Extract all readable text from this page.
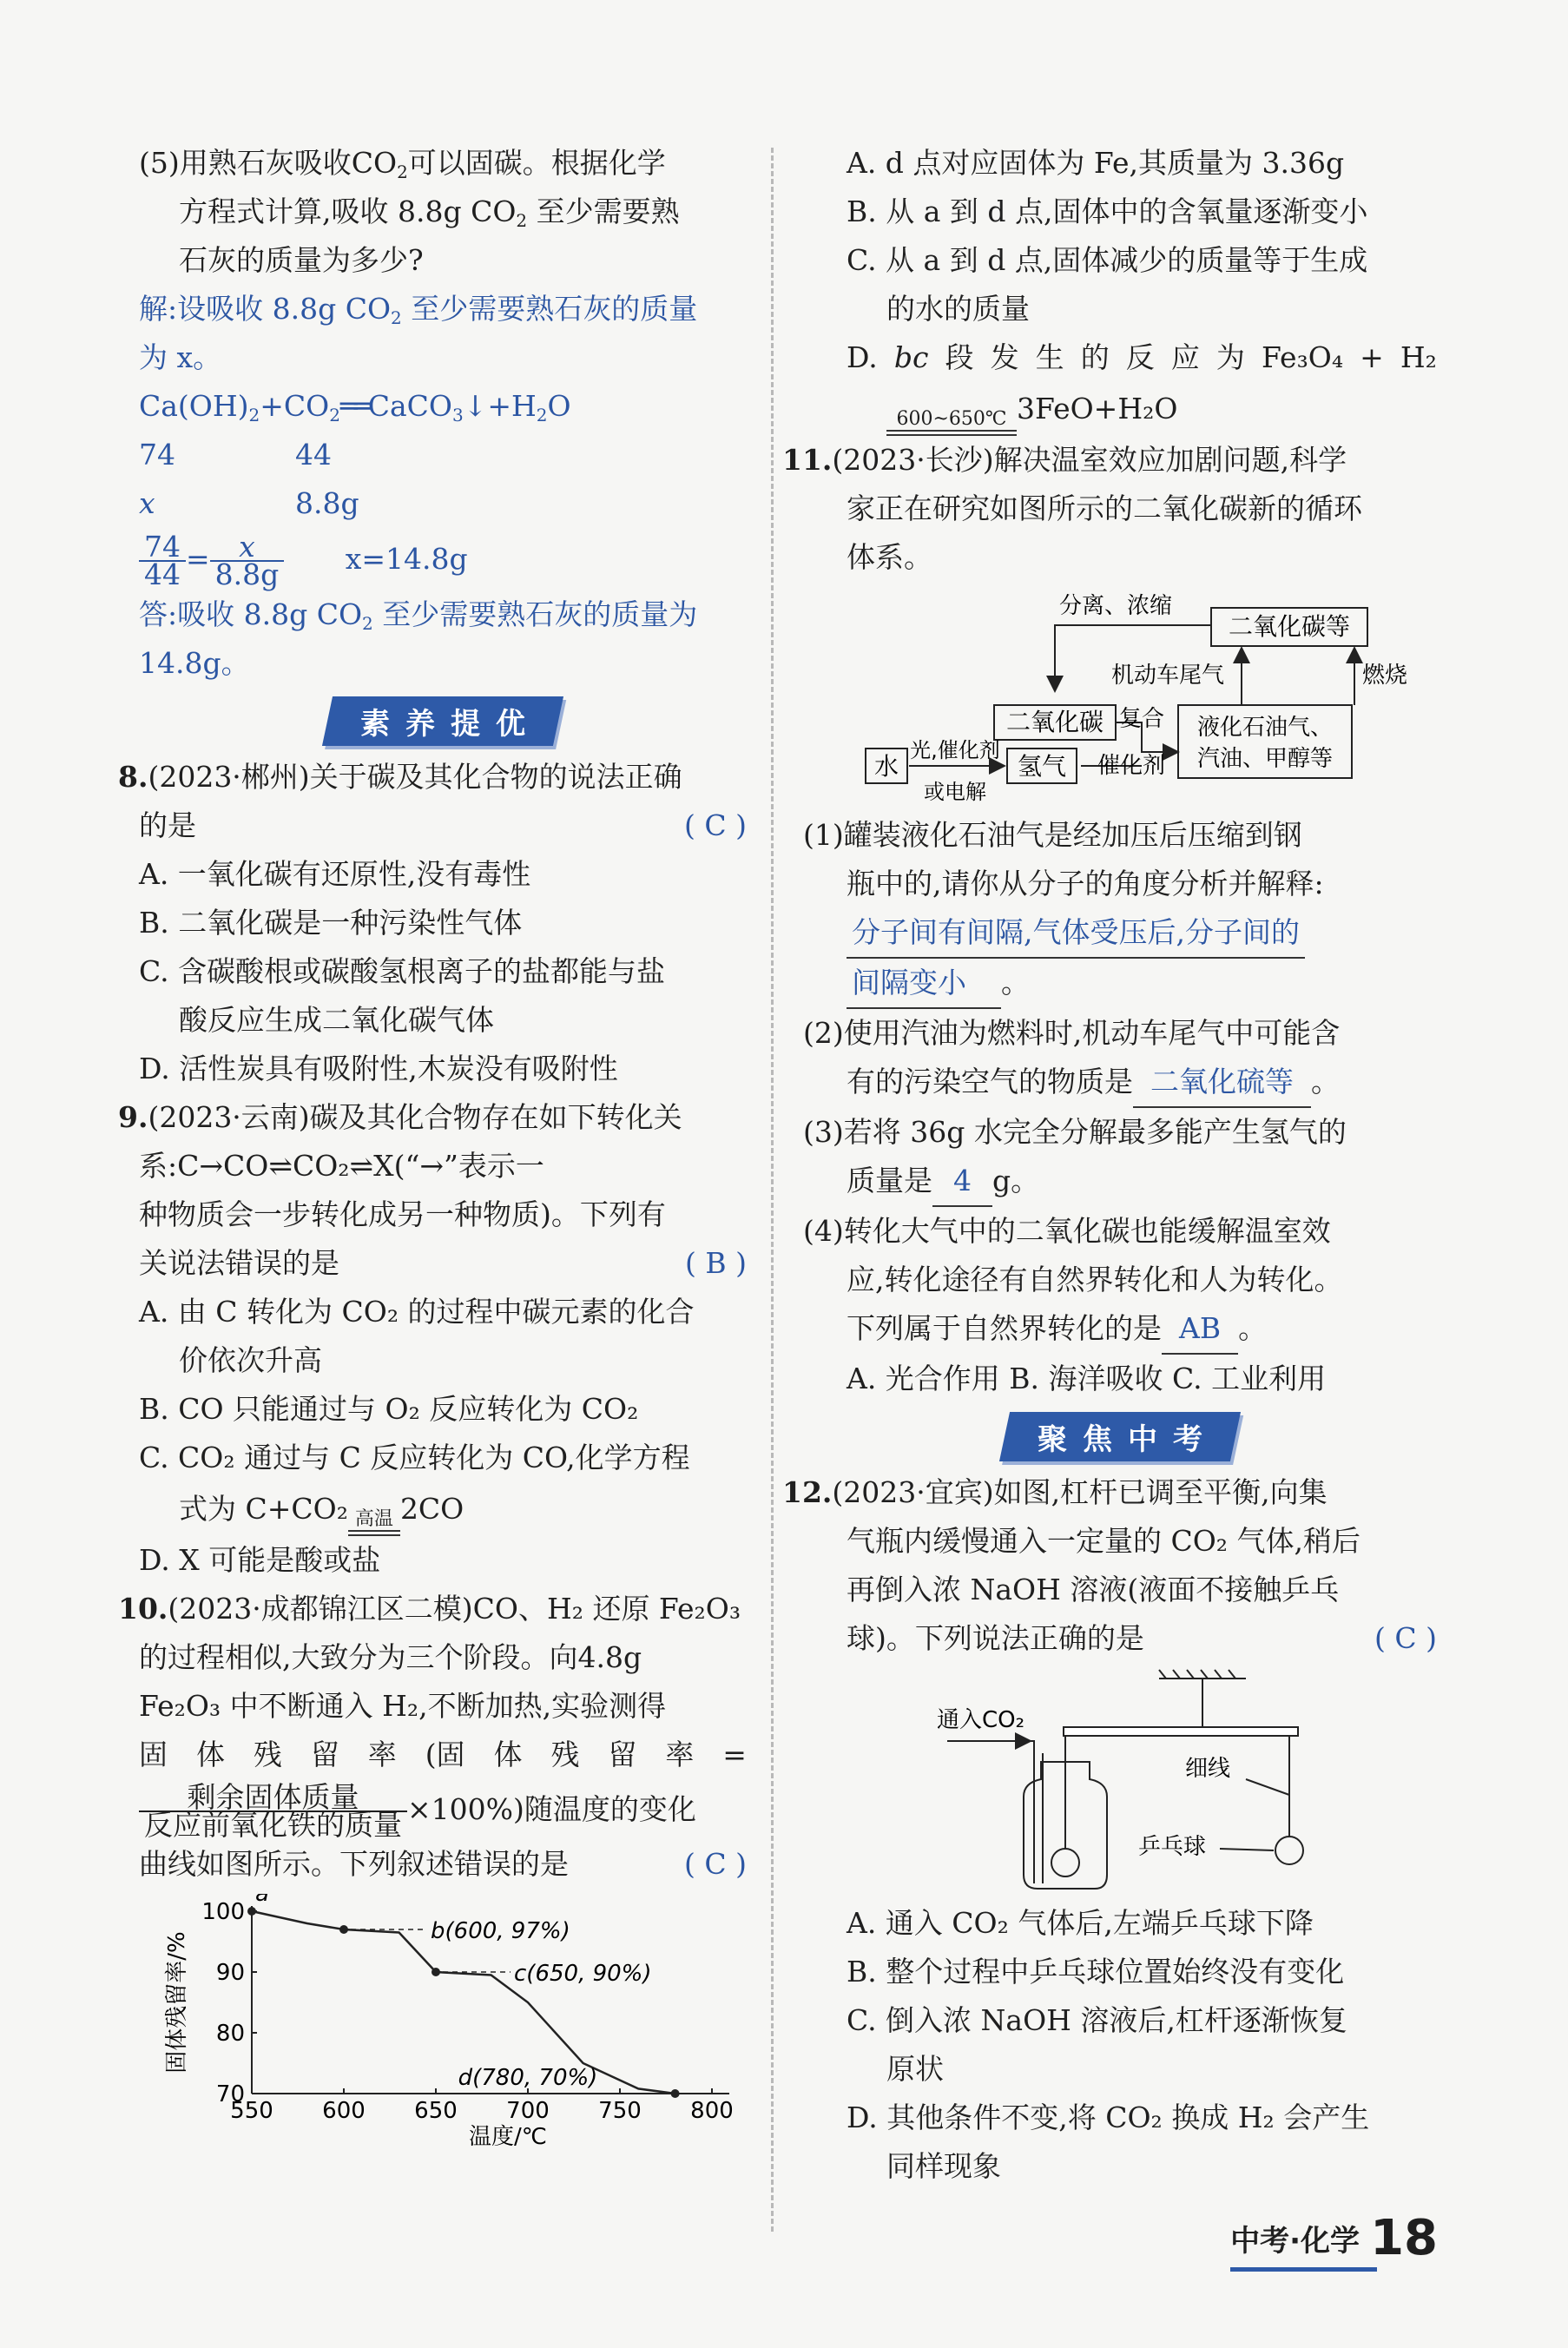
(5)用熟石灰吸收$CO_2$可以固碳。根据化学
方程式计算,吸收 8.8g $CO_2$ 至少需要熟
石灰的质量为多少?
解:设吸收 8.8g $CO_2$ 至少需要熟石灰的质量
为 x。
$Ca(OH)_2+CO_2══CaCO_3↓+H_2O$
74	44
x	8.8g
$\frac{74}{44} = \frac{x}{8.8g} x=14.8g$
答:吸收 8.8g $CO_2$ 至少需要熟石灰的质量为
14.8g。
素养提优
8.(2023·郴州)关于碳及其化合物的说法正确
的是	( C )
A. 一氧化碳有还原性,没有毒性
B. 二氧化碳是一种污染性气体
C. 含碳酸根或碳酸氢根离子的盐都能与盐
酸反应生成二氧化碳气体
D. 活性炭具有吸附性,木炭没有吸附性
9.(2023·云南)碳及其化合物存在如下转化关
系:C→CO⇌CO₂⇌X(“→”表示一
种物质会一步转化成另一种物质)。下列有
关说法错误的是	( B )
A. 由 C 转化为 CO₂ 的过程中碳元素的化合
价依次升高
B. CO 只能通过与 O₂ 反应转化为 CO₂
C. CO₂ 通过与 C 反应转化为 CO,化学方程
式为 C+CO₂ 高温 2CO
D. X 可能是酸或盐
10.(2023·成都锦江区二模)CO、H₂ 还原 Fe₂O₃
的过程相似,大致分为三个阶段。向4.8g
Fe₂O₃ 中不断通入 H₂,不断加热,实验测得
固 体 残 留 率 (固 体 残 留 率 =
$\frac{\text{剩余固体质量}}{\text{反应前氧化铁的质量}} \times 100\%$)随温度的变化
曲线如图所示。下列叙述错误的是	( C )
550 600 650 700 750 800
70
80
90
100
a
b(600, 97%)
c(650, 90%)
d(780, 70%)
固体残留率/%
温度/℃
A. d 点对应固体为 Fe,其质量为 3.36g
B. 从 a 到 d 点,固体中的含氧量逐渐变小
C. 从 a 到 d 点,固体减少的质量等于生成
的水的质量
D. bc 段 发 生 的 反 应 为 Fe₃O₄ + H₂
600~650℃ 3FeO+H₂O
11.(2023·长沙)解决温室效应加剧问题,科学
家正在研究如图所示的二氧化碳新的循环
体系。
分离、浓缩
二氧化碳等
机动车尾气	燃烧
二氧化碳 复合
催化剂
液化石油气、
汽油、甲醇等
水
光,催化剂
或电解
氢气
(1)罐装液化石油气是经加压后压缩到钢
瓶中的,请你从分子的角度分析并解释:
分子间有间隔,气体受压后,分子间的
间隔变小 。
(2)使用汽油为燃料时,机动车尾气中可能含
有的污染空气的物质是 二氧化硫等 。
(3)若将 36g 水完全分解最多能产生氢气的
质量是 4 g。
(4)转化大气中的二氧化碳也能缓解温室效
应,转化途径有自然界转化和人为转化。
下列属于自然界转化的是 AB 。
A. 光合作用 B. 海洋吸收 C. 工业利用
聚焦中考
12.(2023·宜宾)如图,杠杆已调至平衡,向集
气瓶内缓慢通入一定量的 CO₂ 气体,稍后
再倒入浓 NaOH 溶液(液面不接触乒乓
球)。下列说法正确的是	( C )
通入CO₂
细线
乒乓球
A. 通入 CO₂ 气体后,左端乒乓球下降
B. 整个过程中乒乓球位置始终没有变化
C. 倒入浓 NaOH 溶液后,杠杆逐渐恢复
原状
D. 其他条件不变,将 CO₂ 换成 H₂ 会产生
同样现象
中考·化学 18
